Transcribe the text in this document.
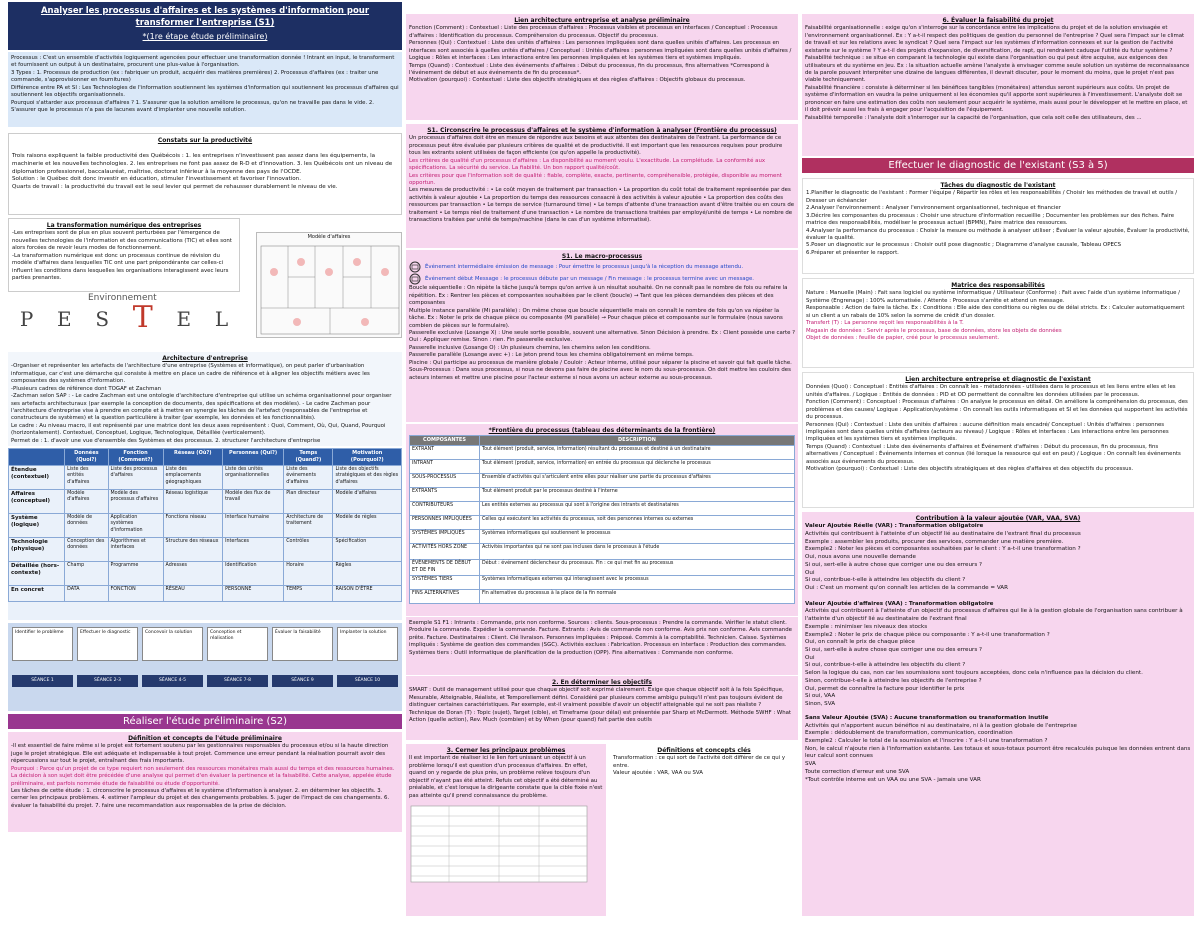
Analyser les processus d'affaires et les systèmes d'information pour transformer l'entreprise (S1)
*(1re étape étude préliminaire)

Processus : C'est un ensemble d'activités logiquement agencées pour effectuer une transformation donnée ! Intrant en input, le transforment et fournissent un output à un destinataire, procurent une plus-value à l'organisation.

3 Types : 1. Processus de production (ex : fabriquer un produit, acquérir des matières premières) 2. Processus d'affaires (ex : traiter une commande, s'approvisionner en fournitures)

Différence entre PA et SI : Les Technologies de l'information soutiennent les systèmes d'information qui soutiennent les processus d'affaires qui soutiennent les objectifs organisationnels.

Pourquoi s'attarder aux processus d'affaires ? 1. S'assurer que la solution améliore le processus, qu'on ne travaille pas dans le vide. 2. S'assurer que le processus n'a pas de lacunes avant d'implanter une nouvelle solution.

Constats sur la productivité

Trois raisons expliquent la faible productivité des Québécois : 1. les entreprises n'investissent pas assez dans les équipements, la machinerie et les nouvelles technologies. 2. les entreprises ne font pas assez de R-D et d'innovation. 3. les Québécois ont un niveau de diplomation professionnel, baccalauréat, maîtrise, doctorat inférieur à la moyenne des pays de l'OCDE.

Solution : le Québec doit donc investir en éducation, stimuler l'investissement et favoriser l'innovation.

Quarts de travail : la productivité du travail est le seul levier qui permet de rehausser durablement le niveau de vie.

La transformation numérique des entreprises

-Les entreprises sont de plus en plus souvent perturbées par l'émergence de nouvelles technologies de l'information et des communications (TIC) et elles sont alors forcées de revoir leurs modes de fonctionnement.

-La transformation numérique est donc un processus continue de révision du modèle d'affaires dans lesquelles TIC ont une part prépondérante car celles-ci influent les conditions dans lesquelles les organisations interagissent avec leurs parties prenantes.

Modèle d'affaires
Environnement
P E S T E L
Architecture d'entreprise

-Organiser et représenter les artefacts de l'architecture d'une entreprise (Systèmes et informatique), on peut parler d'urbanisation informatique, car c'est une démarche qui consiste à mettre en place un cadre de référence et à aligner les objectifs métiers avec les composantes des systèmes d'information.

-Plusieurs cadres de référence dont TOGAF et Zachman

-Zachman selon SAP : - Le cadre Zachman est une ontologie d'architecture d'entreprise qui utilise un schéma organisationnel pour organiser ses artefacts architecturaux (par exemple la conception de documents, des spécifications et des modèles). - Le cadre Zachman pour l'architecture d'entreprise vise à prendre en compte et à mettre en synergie les tâches de l'artefact (responsables de l'entreprise et constructeurs de systèmes) et la question particulière à traiter (par exemple, les données et les fonctionnalités).

Le cadre : Au niveau macro, il est représenté par une matrice dont les deux axes représentent : Quoi, Comment, Où, Qui, Quand, Pourquoi (horizontalement). Contextuel, Conceptuel, Logique, Technologique, Détaillée (verticalement).

Permet de : 1. d'avoir une vue d'ensemble des Systèmes et des processus. 2. structurer l'architecture d'entreprise

	Données (Quoi?)	Fonction (Comment?)	Réseau (Où?)	Personnes (Qui?)	Temps (Quand?)	Motivation (Pourquoi?)
Étendue (contextuel)	Liste des entités d'affaires	Liste des processus d'affaires	Liste des emplacements géographiques	Liste des unités organisationnelles	Liste des événements d'affaires	Liste des objectifs stratégiques et des règles d'affaires
Affaires (conceptuel)	Modèle d'affaires	Modèle des processus d'affaires	Réseau logistique	Modèle des flux de travail	Plan directeur	Modèle d'affaires
Système (logique)	Modèle de données	Application systèmes d'information	Fonctions réseau	Interface humaine	Architecture de traitement	Modèle de règles
Technologie (physique)	Conception des données	Algorithmes et interfaces	Structure des réseaux	Interfaces	Contrôles	Spécification
Détaillée (hors-contexte)	Champ	Programme	Adresses	Identification	Horaire	Règles
En concret	DATA	FONCTION	RÉSEAU	PERSONNE	TEMPS	RAISON D'ÊTRE
Identifier le problème	Effectuer le diagnostic	Concevoir la solution	Conception et réalisation
Évaluer la faisabilité	Implanter la solution
SÉANCE 1	SÉANCE 2-3	SÉANCE 4-5	SÉANCE 7-8	SÉANCE 9	SÉANCE 10
Réaliser l'étude préliminaire (S2)
Définition et concepts de l'étude préliminaire

-Il est essentiel de faire même si le projet est fortement soutenu par les gestionnaires responsables du processus et/ou si la haute direction juge le projet stratégique. Elle est adéquate et indispensable à tout projet. Commence une erreur pendant la réalisation pourrait avoir des répercussions sur tout le projet, entraînant des frais importants.

Pourquoi : Parce qu'un projet de ce type requiert non seulement des ressources monétaires mais aussi du temps et des ressources humaines. La décision à son sujet doit être précédée d'une analyse qui permet d'en évaluer la pertinence et la faisabilité. Cette analyse, appelée étude préliminaire, est parfois nommée étude de faisabilité ou étude d'opportunité.

Les tâches de cette étude : 1. circonscrire le processus d'affaires et le système d'information à analyser. 2. en déterminer les objectifs. 3. cerner les principaux problèmes. 4. estimer l'ampleur du projet et des changements probables. 5. juger de l'impact de ces changements. 6. évaluer la faisabilité du projet. 7. faire une recommandation aux responsables de la prise de décision.

Lien architecture entreprise et analyse préliminaire

Fonction (Comment) : Contextuel : Liste des processus d'affaires : Processus visibles et processus en interfaces / Conceptuel : Processus d'affaires : Identification du processus. Compréhension du processus. Objectif du processus.

Personnes (Qui) : Contextuel : Liste des unités d'affaires : Les personnes impliquées sont dans quelles unités d'affaires. Les processus en interfaces sont associés à quelles unités d'affaires / Conceptuel : Unités d'affaires : personnes impliquées sont dans quelles unités d'affaires / Logique : Rôles et interfaces : Les interactions entre les personnes impliquées et les systèmes tiers et systèmes impliqués.

Temps (Quand) : Contextuel : Liste des événements d'affaires : Début du processus, fin du processus, fins alternatives *Correspond à l'événement de début et aux événements de fin du processus*.

Motivation (pourquoi) : Contextuel : Liste des objectifs stratégiques et des règles d'affaires : Objectifs globaux du processus.

S1. Circonscrire le processus d'affaires et le système d'information à analyser (Frontière du processus)

Un processus d'affaires doit être en mesure de répondre aux besoins et aux attentes des destinataires de l'extrant. La performance de ce processus peut être évaluée par plusieurs critères de qualité et de productivité. Il est important que les ressources requises pour produire tous les extrants soient utilisées de façon efficiente (ce qu'on appelle la productivité).

Les critères de qualité d'un processus d'affaires : La disponibilité au moment voulu. L'exactitude. La complétude. La conformité aux spécifications. La sécurité du service. La fiabilité. Un bon rapport qualité/coût.

Les critères pour que l'information soit de qualité : fiable, complète, exacte, pertinente, compréhensible, protégée, disponible au moment opportun.

Les mesures de productivité : • Le coût moyen de traitement par transaction • La proportion du coût total de traitement représentée par des activités à valeur ajoutée • La proportion du temps des ressources consacré à des activités à valeur ajoutée • La proportion des coûts des ressources par transaction • Le temps de service (turnaround time) • Le temps d'attente d'une transaction avant d'être traitée ou en cours de traitement • Le temps réel de traitement d'une transaction • Le nombre de transactions traitées par employé/unité de temps • Le nombre de transactions traitées par unité de temps/machine (dans le cas d'un système informatisé).

S1. Le macro-processus

Événement intermédiaire émission de message : Pour émettre le processus jusqu'à la réception du message attendu.

Événement début Message : le processus débute par un message / Fin message : le processus termine avec un message.

Boucle séquentielle : On répète la tâche jusqu'à temps qu'on arrive à un résultat souhaité. On ne connaît pas le nombre de fois ou refaire la répétition. Ex : Rentrer les pièces et composantes souhaitées par le client (boucle) → Tant que les pièces demandées des pièces et des composantes

Multiple instance parallèle (Mi parallèle) : On même chose que boucle séquentielle mais on connaît le nombre de fois qu'on va répéter la tâche. Ex : Noter le prix de chaque pièce ou composante (Mi parallèle) → Pour chaque pièce et composante sur le formulaire (nous savons combien de pièces sur le formulaire).

Passerelle exclusive (Losange X) : Une seule sortie possible, souvent une alternative. Sinon Décision à prendre. Ex : Client possède une carte ? Oui : Appliquer remise. Sinon : rien. Fin passerelle exclusive.

Passerelle inclusive (Losange O) : Un plusieurs chemins, les chemins selon les conditions.

Passerelle parallèle (Losange avec +) : Le jeton prend tous les chemins obligatoirement en même temps.

Piscine : Qui participe au processus de manière globale / Couloir : Acteur interne, utilisé pour séparer la piscine et savoir qui fait quelle tâche.

Sous-Processus : Dans sous processus, si nous ne devons pas faire de piscine avec le nom du sous-processus. On doit mettre les couloirs des acteurs internes et mettre une piscine pour l'acteur externe si nous avons un acteur externe au sous-processus.

*Frontière du processus (tableau des déterminants de la frontière)
COMPOSANTES	DESCRIPTION
EXTRANT	Tout élément (produit, service, information) résultant du processus et destiné à un destinataire
INTRANT	Tout élément (produit, service, information) en entrée du processus qui déclenche le processus
SOUS-PROCESSUS	Ensemble d'activités qui s'articulent entre elles pour réaliser une partie du processus d'affaires
EXTRANTS	Tout élément produit par le processus destiné à l'interne
CONTRIBUTEURS	Les entités externes au processus qui sont à l'origine des intrants et destinataires
PERSONNES IMPLIQUÉES	Celles qui exécutent les activités du processus, soit des personnes internes ou externes
SYSTÈMES IMPLIQUÉS	Systèmes informatiques qui soutiennent le processus
ACTIVITÉS HORS ZONE	Activités importantes qui ne sont pas incluses dans le processus à l'étude
ÉVÉNEMENTS DE DÉBUT ET DE FIN	Début : événement déclencheur du processus. Fin : ce qui met fin au processus
SYSTÈMES TIERS	Systèmes informatiques externes qui interagissent avec le processus
FINS ALTERNATIVES	Fin alternative du processus à la place de la fin normale

Exemple S1 F1 : Intrants : Commande, prix non conforme. Sources : clients. Sous-processus : Prendre la commande. Vérifier le statut client. Produire la commande. Expédier la commande. Facture. Extrants : Avis de commande non conforme. Avis prix non conforme. Avis commande prête. Facture. Destinataires : Client. Clé livraison. Personnes impliquées : Préposé. Commis à la comptabilité. Technicien. Caisse. Systèmes impliqués : Système de gestion des commandes (SGC). Activités exclues : Fabrication. Processus en interface : Production des commandes. Systèmes tiers : Outil informatique de planification de la production (OPP). Fins alternatives : Commande non conforme.

2. En déterminer les objectifs

SMART : Outil de management utilisé pour que chaque objectif soit exprimé clairement. Exige que chaque objectif soit à la fois Spécifique, Mesurable, Atteignable, Réaliste, et Temporellement défini. Considéré par plusieurs comme ambigu puisqu'il n'est pas toujours évident de distinguer certaines caractéristiques. Par exemple, est-il vraiment possible d'avoir un objectif atteignable qui ne soit pas réaliste ?

Technique de Doran (T) : Topic (sujet), Target (cible), et Timeframe (pour délai) est présentée par Sharp et McDermott. Méthode 5WHF : What Action (quelle action), Rev. Much (combien) et by When (pour quand) fait partie des outils

3. Cerner les principaux problèmes

Il est important de réaliser ici le lien fort unissant un objectif à un problème lorsqu'il est question d'un processus d'affaires. En effet, quand on y regarde de plus près, un problème relève toujours d'un objectif n'ayant pas été atteint. Refuis cet objectif a été déterminé au préalable, et c'est lorsque la dirigeante constate que la cible fixée n'est pas atteinte qu'il prend connaissance du problème.

Définitions et concepts clés

Transformation : ce qui sort de l'activité doit différer de ce qui y entre.

Valeur ajoutée : VAR, VAA ou SVA

6. Évaluer la faisabilité du projet

Faisabilité organisationnelle : exige qu'on s'interroge sur la concordance entre les implications du projet et de la solution envisagée et l'environnement organisationnel. Ex : Y a-t-il respect des politiques de gestion du personnel de l'entreprise ? Quel sera l'impact sur le climat de travail et sur les relations avec le syndicat ? Quel sera l'impact sur les systèmes d'information connexes et sur la gestion de l'activité existante sur le système ? Y a-t-il des projets d'expansion, de diversification, de rapt, qui rendraient caduque l'utilité du futur système ?

Faisabilité technique : se situe en comparant la technologie qui existe dans l'organisation ou qui peut être acquise, aux exigences des utilisateurs et du système en jeu. Ex : la situation actuelle amène l'analyste à envisager comme seule solution un système de reconnaissance de la parole pouvant interpréter une dizaine de langues différentes, il devrait discuter, pour le moment du moins, que le projet n'est pas viable techniquement.

Faisabilité financière : consiste à déterminer si les bénéfices tangibles (monétaires) attendus seront supérieurs aux coûts. Un projet de système d'information en vaudra la peine uniquement si les économies qu'il apporte sont supérieures à l'investissement. L'analyste doit se prononcer en faire une estimation des coûts non seulement pour acquérir le système, mais aussi pour le développer et le mettre en place, et il doit prévoir aussi les frais à engager pour l'acquisition de l'équipement.

Faisabilité temporelle : l'analyste doit s'interroger sur la capacité de l'organisation, que cela soit celle des utilisateurs, des ...

Effectuer le diagnostic de l'existant (S3 à 5)
Tâches du diagnostic de l'existant

1.Planifier le diagnostic de l'existant : Former l'équipe / Répartir les rôles et les responsabilités / Choisir les méthodes de travail et outils / Dresser un échéancier

2.Analyser l'environnement : Analyser l'environnement organisationnel, technique et financier

3.Décrire les composantes du processus : Choisir une structure d'information recueillie ; Documenter les problèmes sur des fiches. Faire matrice des responsabilités, modéliser le processus actuel (BPMN), Faire matrice des ressources.

4.Analyser la performance du processus : Choisir la mesure ou méthode à analyser utiliser ; Évaluer la valeur ajoutée, Évaluer la productivité, évaluer la qualité.

5.Poser un diagnostic sur le processus : Choisir outil pose diagnostic ; Diagramme d'analyse causale, Tableau OPECS

6.Préparer et présenter le rapport.

Matrice des responsabilités

Nature : Manuelle (Main) : Fait sans logiciel ou système informatique / Utilisateur (Conforme) : Fait avec l'aide d'un système informatique / Système (Engrenage) : 100% automatisée. / Attente : Processus s'arrête et attend un message.

Responsable : Action de faire la tâche. Ex : Conditions : Elle aide des conditions ou règles ou de délai stricts. Ex : Calculer automatiquement si un client a un rabais de 10% selon la somme de crédit d'un dossier.

Transfert (T) : La personne reçoit les responsabilités à la T.

Magasin de données : Servir après le processus, base de données, store les objets de données

Objet de données : feuille de papier, créé pour le processus seulement.

Lien architecture entreprise et diagnostic de l'existant

Données (Quoi) : Conceptuel : Entités d'affaires : On connaît les - métadonnées - utilisées dans le processus et les liens entre elles et les unités d'affaires. / Logique : Entités de données : PID et OD permettent de connaître les données utilisées par le processus.

Fonction (Comment) : Conceptuel : Processus d'affaires : On analyse le processus en détail. On améliore la compréhension du processus, des problèmes et des causes/ Logique : Application/système : On connaît les outils informatiques et SI et les données qui supportent les activités du processus.

Personnes (Qui) : Contextuel : Liste des unités d'affaires : aucune définition mais encadré/ Conceptuel : Unités d'affaires : personnes impliquées sont dans quelles unités d'affaires (acteurs au niveau) / Logique : Rôles et interfaces : Les interactions entre les personnes impliquées et les systèmes tiers et systèmes impliqués.

Temps (Quand) : Contextuel : Liste des événements d'affaires et Événement d'affaires : Début du processus, fin du processus, fins alternatives / Conceptuel : Événements internes et connus (lié lorsque la ressource qui est en peut) / Logique : On connaît les événements associés aux événements du processus.

Motivation (pourquoi) : Contextuel : Liste des objectifs stratégiques et des règles d'affaires et des objectifs du processus.

Contribution à la valeur ajoutée (VAR, VAA, SVA)

Valeur Ajoutée Réelle (VAR) : Transformation obligatoire

Activités qui contribuent à l'atteinte d'un objectif lié au destinataire de l'extrant final du processus

Exemple : assembler les produits, procurer des services, commander une matière première.

Exemple2 : Noter les pièces et composantes souhaitées par le client : Y a-t-il une transformation ?

Oui, nous avons une nouvelle demande

Si oui, sert-elle à autre chose que corriger une ou des erreurs ?

Oui

Si oui, contribue-t-elle à atteindre les objectifs du client ?

Oui : C'est un moment qu'on connaît les articles de la commande = VAR

Valeur Ajoutée d'affaires (VAA) : Transformation obligatoire

Activités qui contribuent à l'atteinte d'un objectif du processus d'affaires qui lie à la gestion globale de l'organisation sans contribuer à l'atteinte d'un objectif lié au destinataire de l'extrant final

Exemple : minimiser les niveaux des stocks

Exemple2 : Noter le prix de chaque pièce ou composante : Y a-t-il une transformation ?

Oui, on connaît le prix de chaque pièce

Si oui, sert-elle à autre chose que corriger une ou des erreurs ?

Oui

Si oui, contribue-t-elle à atteindre les objectifs du client ?

Selon la logique du cas, non car les soumissions sont toujours acceptées, donc cela n'influence pas la décision du client.

Sinon, contribue-t-elle à atteindre les objectifs de l'entreprise ?

Oui, permet de connaître la facture pour identifier le prix

Si oui, VAA

Sinon, SVA

Sans Valeur Ajoutée (SVA) : Aucune transformation ou transformation inutile

Activités qui n'apportent aucun bénéfice ni au destinataire, ni à la gestion globale de l'entreprise

Exemple : dédoublement de transformation, communication, coordination

Exemple2 : Calculer le total de la soumission et l'inscrire : Y a-t-il une transformation ?

Non, le calcul n'ajoute rien à l'information existante. Les totaux et sous-totaux pourront être recalculés puisque les données entrent dans leur calcul sont connues

SVA

Toute correction d'erreur est une SVA

*Tout contrôle interne est un VAA ou une SVA - jamais une VAR
